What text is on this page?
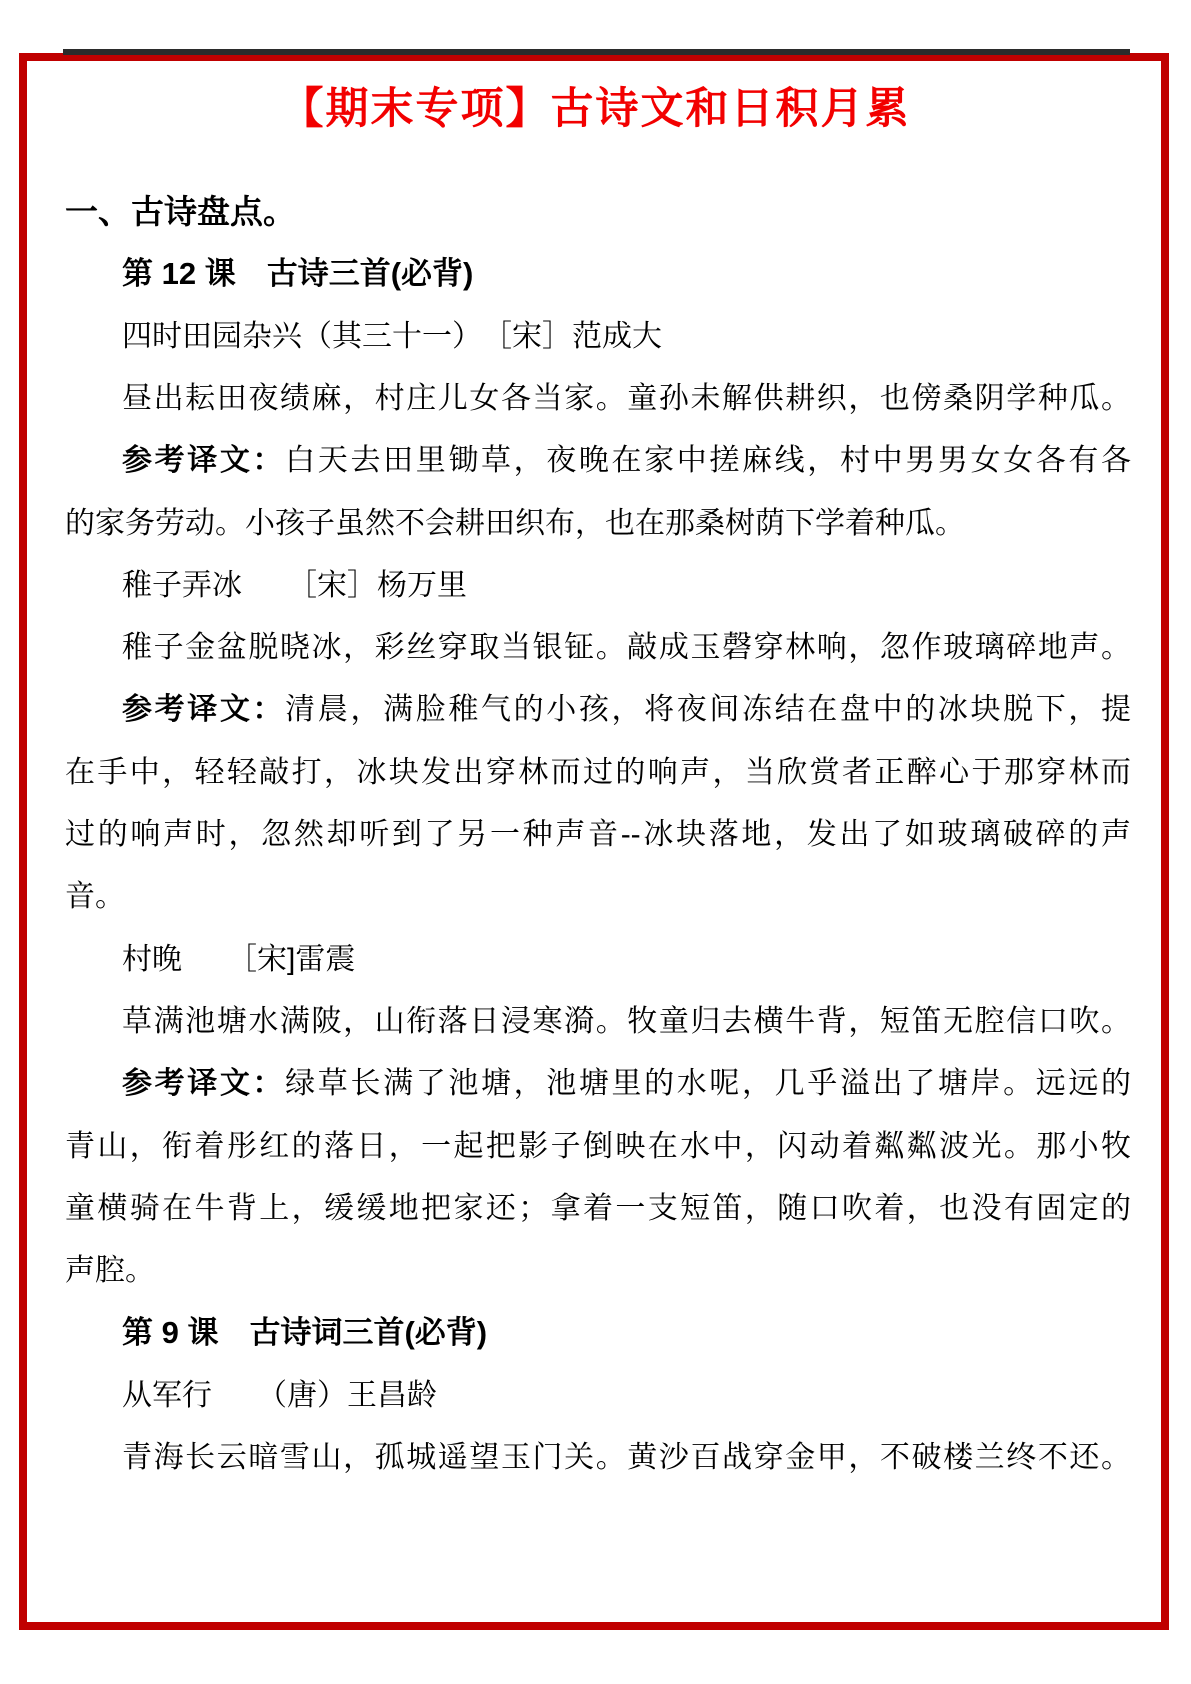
【期末专项】古诗文和日积月累
一、古诗盘点。
第 12 课　古诗三首(必背)
四时田园杂兴（其三十一）　［宋］范成大
昼出耘田夜绩麻，村庄儿女各当家。童孙未解供耕织，也傍桑阴学种瓜。
参考译文：白天去田里锄草，夜晚在家中搓麻线，村中男男女女各有各
的家务劳动。小孩子虽然不会耕田织布，也在那桑树荫下学着种瓜。
稚子弄冰　　［宋］杨万里
稚子金盆脱晓冰，彩丝穿取当银钲。敲成玉磬穿林响，忽作玻璃碎地声。
参考译文：清晨，满脸稚气的小孩，将夜间冻结在盘中的冰块脱下，提
在手中，轻轻敲打，冰块发出穿林而过的响声，当欣赏者正醉心于那穿林而
过的响声时，忽然却听到了另一种声音--冰块落地，发出了如玻璃破碎的声
音。
村晚　　［宋]雷震
草满池塘水满陂，山衔落日浸寒漪。牧童归去横牛背，短笛无腔信口吹。
参考译文：绿草长满了池塘，池塘里的水呢，几乎溢出了塘岸。远远的
青山，衔着彤红的落日，一起把影子倒映在水中，闪动着粼粼波光。那小牧
童横骑在牛背上，缓缓地把家还；拿着一支短笛，随口吹着，也没有固定的
声腔。
第 9 课　古诗词三首(必背)
从军行　　（唐）王昌龄
青海长云暗雪山，孤城遥望玉门关。黄沙百战穿金甲，不破楼兰终不还。
